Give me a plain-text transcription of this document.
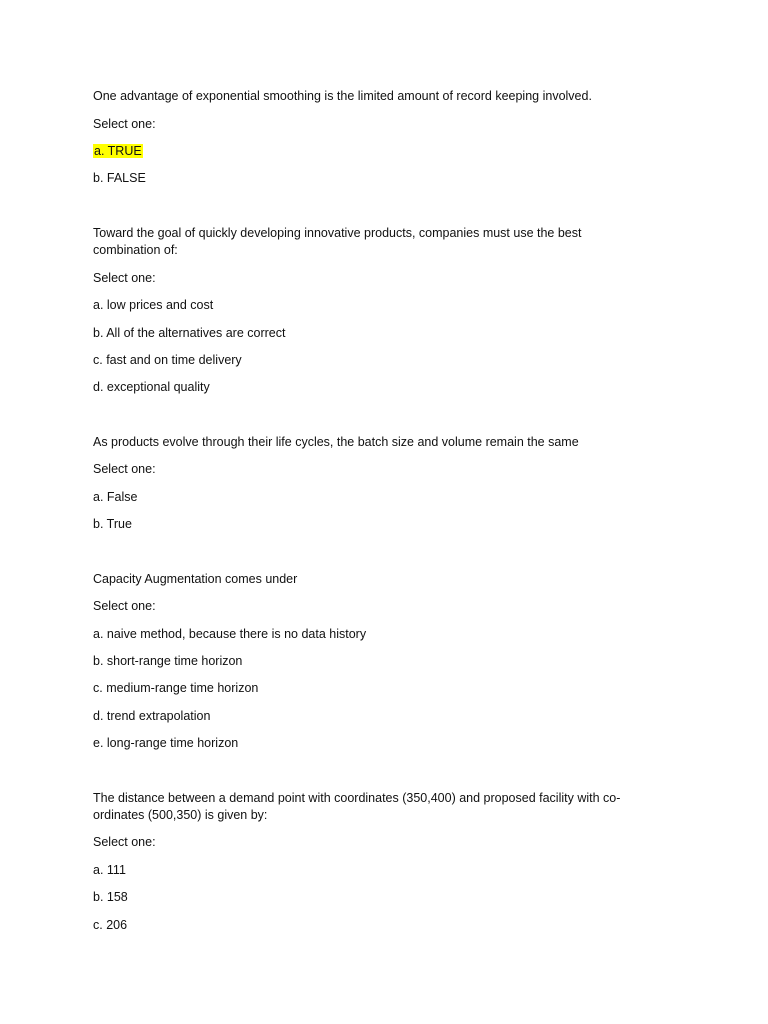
One advantage of exponential smoothing is the limited amount of record keeping involved.
Select one:
a. TRUE
b. FALSE
Toward the goal of quickly developing innovative products, companies must use the best
combination of:
Select one:
a. low prices and cost
b. All of the alternatives are correct
c. fast and on time delivery
d. exceptional quality
As products evolve through their life cycles, the batch size and volume remain the same
Select one:
a. False
b. True
Capacity Augmentation comes under
Select one:
a. naive method, because there is no data history
b. short-range time horizon
c. medium-range time horizon
d. trend extrapolation
e. long-range time horizon
The distance between a demand point with coordinates (350,400) and proposed facility with co-
ordinates (500,350) is given by:
Select one:
a. 111
b. 158
c. 206
